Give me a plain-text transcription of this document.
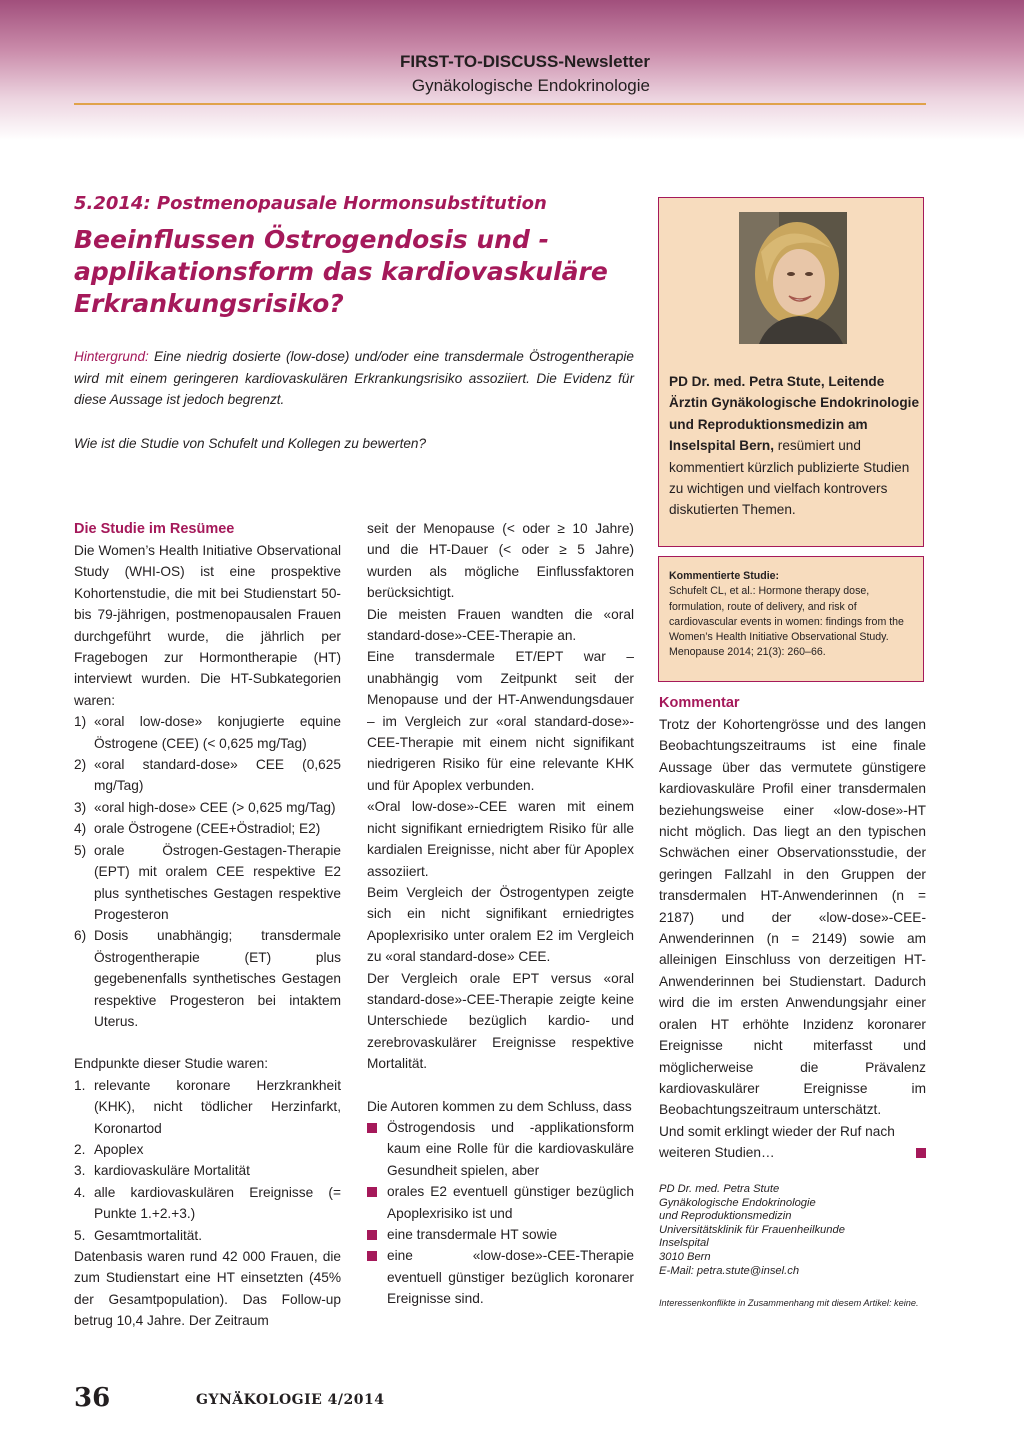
FIRST-TO-DISCUSS-Newsletter
Gynäkologische Endokrinologie
5.2014: Postmenopausale Hormonsubstitution
Beeinflussen Östrogendosis und -applikationsform das kardiovaskuläre Erkrankungsrisiko?
Hintergrund: Eine niedrig dosierte (low-dose) und/oder eine transdermale Östrogentherapie wird mit einem geringeren kardiovaskulären Erkrankungsrisiko assoziiert. Die Evidenz für diese Aussage ist jedoch begrenzt.
Wie ist die Studie von Schufelt und Kollegen zu bewerten?
Die Studie im Resümee

Die Women’s Health Initiative Observational Study (WHI-OS) ist eine prospektive Kohortenstudie, die mit bei Studienstart 50- bis 79-jährigen, postmenopausalen Frauen durchgeführt wurde, die jährlich per Fragebogen zur Hormontherapie (HT) interviewt wurden. Die HT-Subkategorien waren:

1) «oral low-dose» konjugierte equine Östrogene (CEE) (< 0,625 mg/Tag)
2) «oral standard-dose» CEE (0,625 mg/Tag)
3) «oral high-dose» CEE (> 0,625 mg/Tag)
4) orale Östrogene (CEE+Östradiol; E2)
5) orale Östrogen-Gestagen-Therapie (EPT) mit oralem CEE respektive E2 plus synthetisches Gestagen respektive Progesteron
6) Dosis unabhängig; transdermale Östrogentherapie (ET) plus gegebenenfalls synthetisches Gestagen respektive Progesteron bei intaktem Uterus.

Endpunkte dieser Studie waren:

1. relevante koronare Herzkrankheit (KHK), nicht tödlicher Herzinfarkt, Koronartod
2. Apoplex
3. kardiovaskuläre Mortalität
4. alle kardiovaskulären Ereignisse (= Punkte 1.+2.+3.)
5. Gesamtmortalität.

Datenbasis waren rund 42 000 Frauen, die zum Studienstart eine HT einsetzten (45% der Gesamtpopulation). Das Follow-up betrug 10,4 Jahre. Der Zeitraum

seit der Menopause (< oder ≥ 10 Jahre) und die HT-Dauer (< oder ≥ 5 Jahre) wurden als mögliche Einflussfaktoren berücksichtigt.

Die meisten Frauen wandten die «oral standard-dose»-CEE-Therapie an.

Eine transdermale ET/EPT war – unabhängig vom Zeitpunkt seit der Menopause und der HT-Anwendungsdauer – im Vergleich zur «oral standard-dose»-CEE-Therapie mit einem nicht signifikant niedrigeren Risiko für eine relevante KHK und für Apoplex verbunden.

«Oral low-dose»-CEE waren mit einem nicht signifikant erniedrigtem Risiko für alle kardialen Ereignisse, nicht aber für Apoplex assoziiert.

Beim Vergleich der Östrogentypen zeigte sich ein nicht signifikant erniedrigtes Apoplexrisiko unter oralem E2 im Vergleich zu «oral standard-dose» CEE.

Der Vergleich orale EPT versus «oral standard-dose»-CEE-Therapie zeigte keine Unterschiede bezüglich kardio- und zerebrovaskulärer Ereignisse respektive Mortalität.

Die Autoren kommen zu dem Schluss, dass

Östrogendosis und -applikationsform kaum eine Rolle für die kardiovaskuläre Gesundheit spielen, aber
orales E2 eventuell günstiger bezüglich Apoplexrisiko ist und
eine transdermale HT sowie
eine «low-dose»-CEE-Therapie eventuell günstiger bezüglich koronarer Ereignisse sind.
PD Dr. med. Petra Stute, Leitende Ärztin Gynäkologische Endokrinologie und Reproduktionsmedizin am Inselspital Bern, resümiert und kommentiert kürzlich publizierte Studien zu wichtigen und vielfach kontrovers diskutierten Themen.
Kommentierte Studie:
Schufelt CL, et al.: Hormone therapy dose, formulation, route of delivery, and risk of cardiovascular events in women: findings from the Women’s Health Initiative Observational Study. Menopause 2014; 21(3): 260–66.
Kommentar

Trotz der Kohortengrösse und des langen Beobachtungszeitraums ist eine finale Aussage über das vermutete günstigere kardiovaskuläre Profil einer transdermalen beziehungsweise einer «low-dose»-HT nicht möglich. Das liegt an den typischen Schwächen einer Observationsstudie, der geringen Fallzahl in den Gruppen der transdermalen HT-Anwenderinnen (n = 2187) und der «low-dose»-CEE-Anwenderinnen (n = 2149) sowie am alleinigen Einschluss von derzeitigen HT-Anwenderinnen bei Studienstart. Dadurch wird die im ersten Anwendungsjahr einer oralen HT erhöhte Inzidenz koronarer Ereignisse nicht miterfasst und möglicherweise die Prävalenz kardiovaskulärer Ereignisse im Beobachtungszeitraum unterschätzt.

Und somit erklingt wieder der Ruf nach weiteren Studien…

PD Dr. med. Petra Stute
Gynäkologische Endokrinologie
und Reproduktionsmedizin
Universitätsklinik für Frauenheilkunde
Inselspital
3010 Bern
E-Mail: petra.stute@insel.ch
Interessenkonflikte in Zusammenhang mit diesem Artikel: keine.
36	GYNÄKOLOGIE 4/2014
